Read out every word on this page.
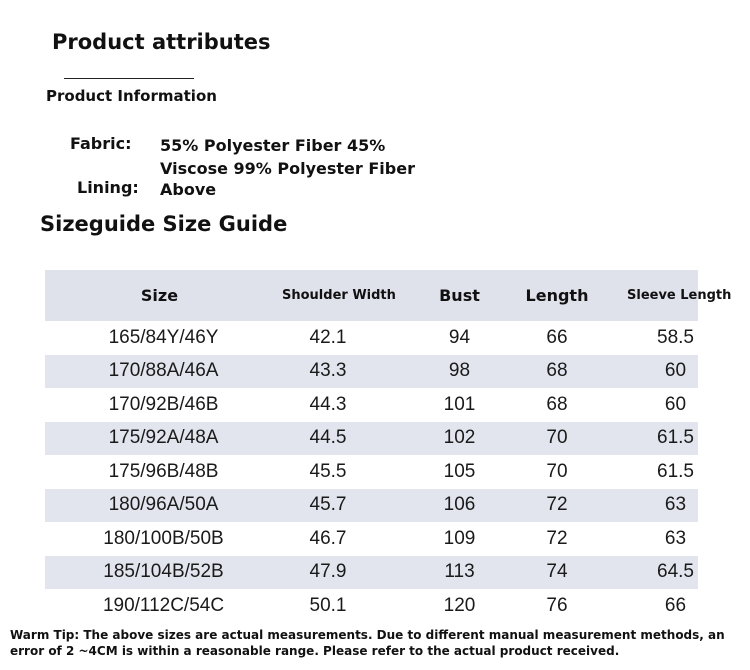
Product attributes
Product Information
Fabric: 55% Polyester Fiber 45%
Viscose 99% Polyester Fiber
Lining: Above
Sizeguide Size Guide
Size	Shoulder Width	Bust	Length	Sleeve Length
165/84Y/46Y	42.1	94	66	58.5
170/88A/46A	43.3	98	68	60
170/92B/46B	44.3	101	68	60
175/92A/48A	44.5	102	70	61.5
175/96B/48B	45.5	105	70	61.5
180/96A/50A	45.7	106	72	63
180/100B/50B	46.7	109	72	63
185/104B/52B	47.9	113	74	64.5
190/112C/54C	50.1	120	76	66
Warm Tip: The above sizes are actual measurements. Due to different manual measurement methods, an error of 2 ~4CM is within a reasonable range. Please refer to the actual product received.
